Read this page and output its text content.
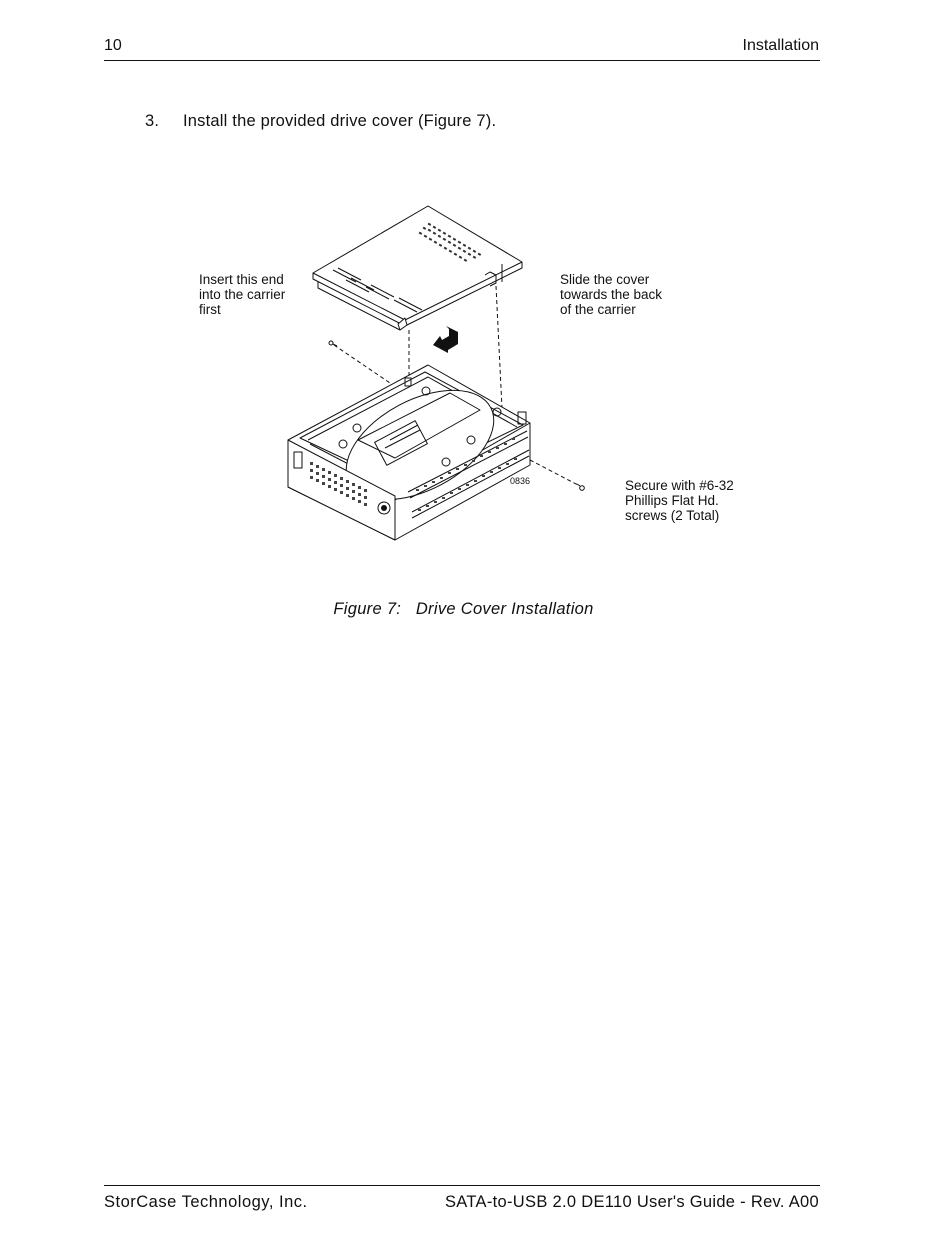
10	Installation
3. Install the provided drive cover (Figure 7).
0836
Insert this end
into the carrier
first
Slide the cover
towards the back
of the carrier
Secure with #6-32
Phillips Flat Hd.
screws (2 Total)
Figure 7:   Drive Cover Installation
StorCase Technology, Inc.	SATA-to-USB 2.0 DE110 User's Guide - Rev. A00
